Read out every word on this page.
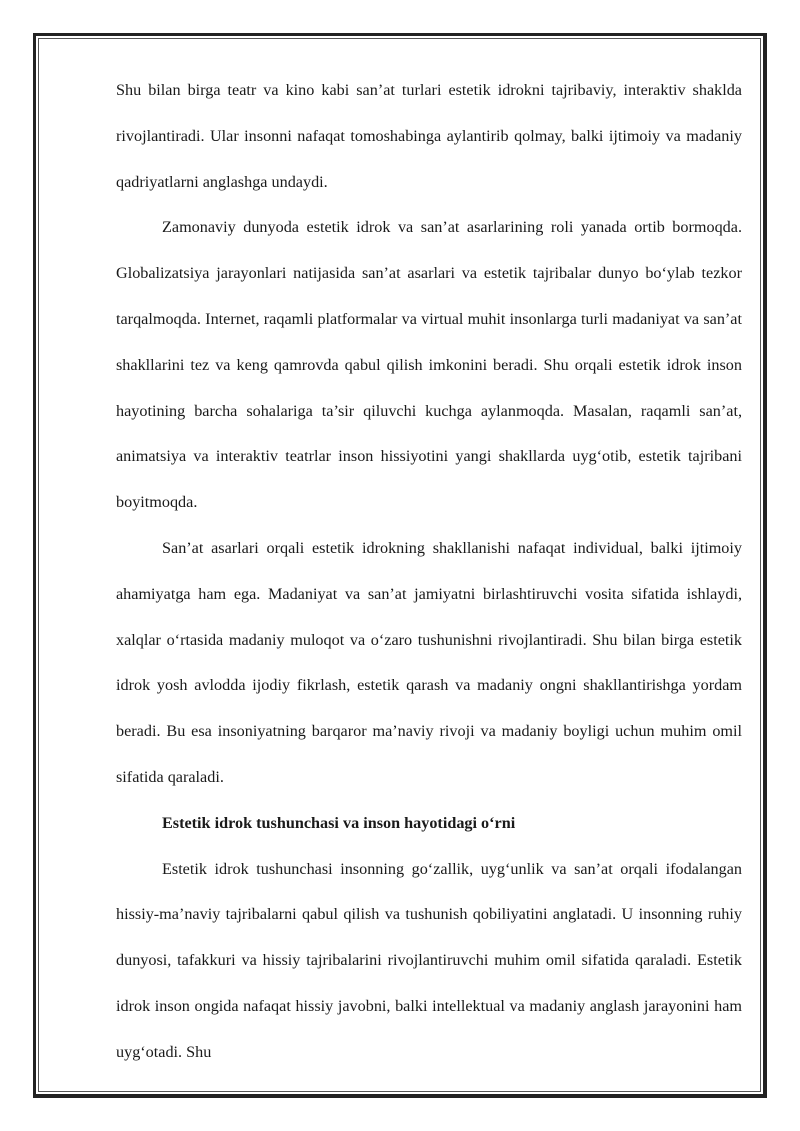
Shu bilan birga teatr va kino kabi san’at turlari estetik idrokni tajribaviy, interaktiv shaklda rivojlantiradi. Ular insonni nafaqat tomoshabinga aylantirib qolmay, balki ijtimoiy va madaniy qadriyatlarni anglashga undaydi.

Zamonaviy dunyoda estetik idrok va san’at asarlarining roli yanada ortib bormoqda. Globalizatsiya jarayonlari natijasida san’at asarlari va estetik tajribalar dunyo bo‘ylab tezkor tarqalmoqda. Internet, raqamli platformalar va virtual muhit insonlarga turli madaniyat va san’at shakllarini tez va keng qamrovda qabul qilish imkonini beradi. Shu orqali estetik idrok inson hayotining barcha sohalariga ta’sir qiluvchi kuchga aylanmoqda. Masalan, raqamli san’at, animatsiya va interaktiv teatrlar inson hissiyotini yangi shakllarda uyg‘otib, estetik tajribani boyitmoqda.

San’at asarlari orqali estetik idrokning shakllanishi nafaqat individual, balki ijtimoiy ahamiyatga ham ega. Madaniyat va san’at jamiyatni birlashtiruvchi vosita sifatida ishlaydi, xalqlar o‘rtasida madaniy muloqot va o‘zaro tushunishni rivojlantiradi. Shu bilan birga estetik idrok yosh avlodda ijodiy fikrlash, estetik qarash va madaniy ongni shakllantirishga yordam beradi. Bu esa insoniyatning barqaror ma’naviy rivoji va madaniy boyligi uchun muhim omil sifatida qaraladi.

Estetik idrok tushunchasi va inson hayotidagi o‘rni

Estetik idrok tushunchasi insonning go‘zallik, uyg‘unlik va san’at orqali ifodalangan hissiy-ma’naviy tajribalarni qabul qilish va tushunish qobiliyatini anglatadi. U insonning ruhiy dunyosi, tafakkuri va hissiy tajribalarini rivojlantiruvchi muhim omil sifatida qaraladi. Estetik idrok inson ongida nafaqat hissiy javobni, balki intellektual va madaniy anglash jarayonini ham uyg‘otadi. Shu
